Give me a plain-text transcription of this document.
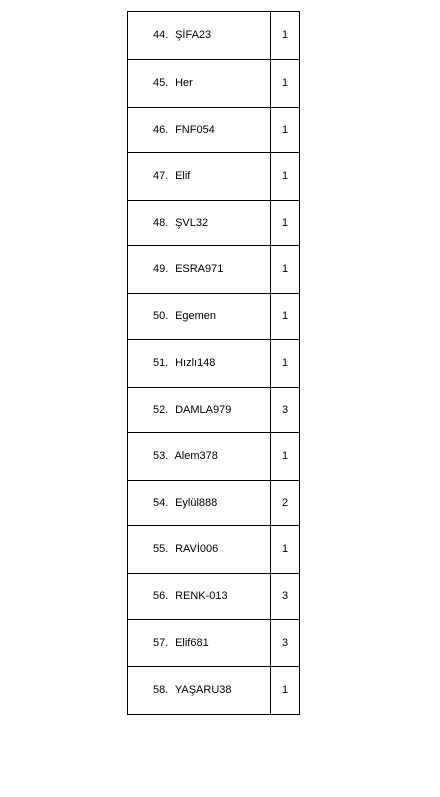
44. ŞİFA23	1
45. Her	1
46. FNF054	1
47. Elif	1
48. ŞVL32	1
49. ESRA971	1
50. Egemen	1
51. Hızlı148	1
52. DAMLA979	3
53. Alem378	1
54. Eylül888	2
55. RAVİ006	1
56. RENK-013	3
57. Elif681	3
58. YAŞARU38	1
